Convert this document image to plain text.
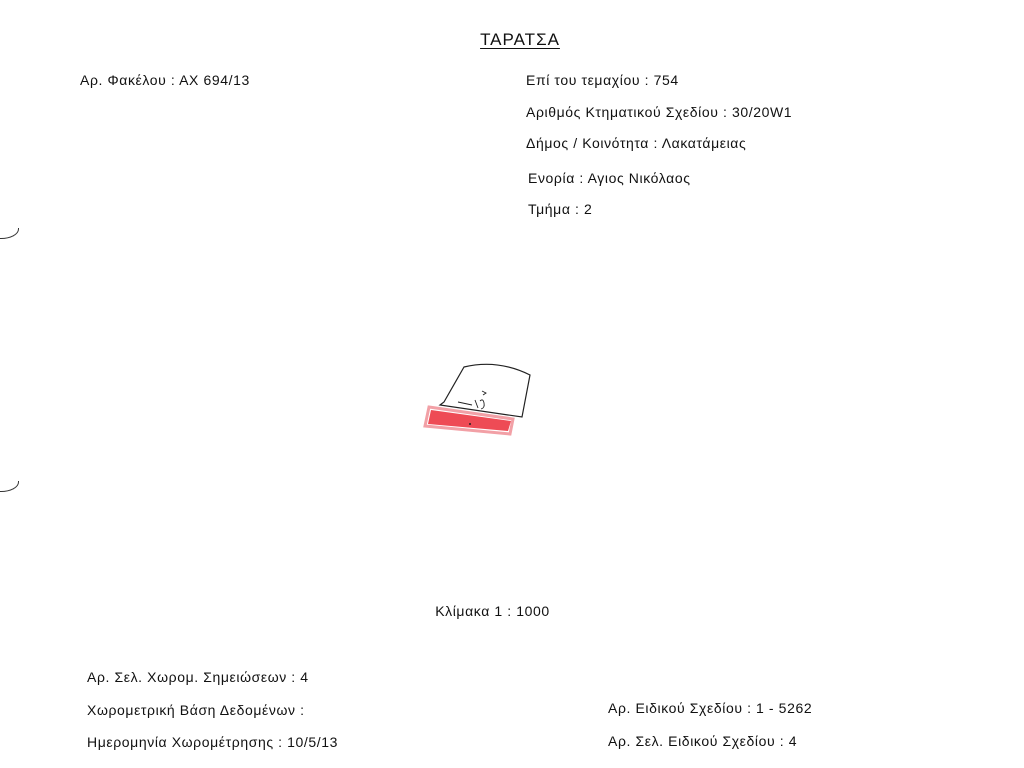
ΤΑΡΑΤΣΑ
Αρ. Φακέλου : ΑΧ 694/13	Επί του τεμαχίου : 754
Αριθμός Κτηματικού Σχεδίου : 30/20W1
Δήμος / Κοινότητα : Λακατάμειας
Ενορία : Αγιος Νικόλαος
Τμήμα : 2
Κλίμακα 1 : 1000
Αρ. Σελ. Χωρομ. Σημειώσεων : 4
Χωρομετρική Βάση Δεδομένων :
Ημερομηνία Χωρομέτρησης : 10/5/13
Αρ. Ειδικού Σχεδίου : 1 - 5262
Αρ. Σελ. Ειδικού Σχεδίου : 4
